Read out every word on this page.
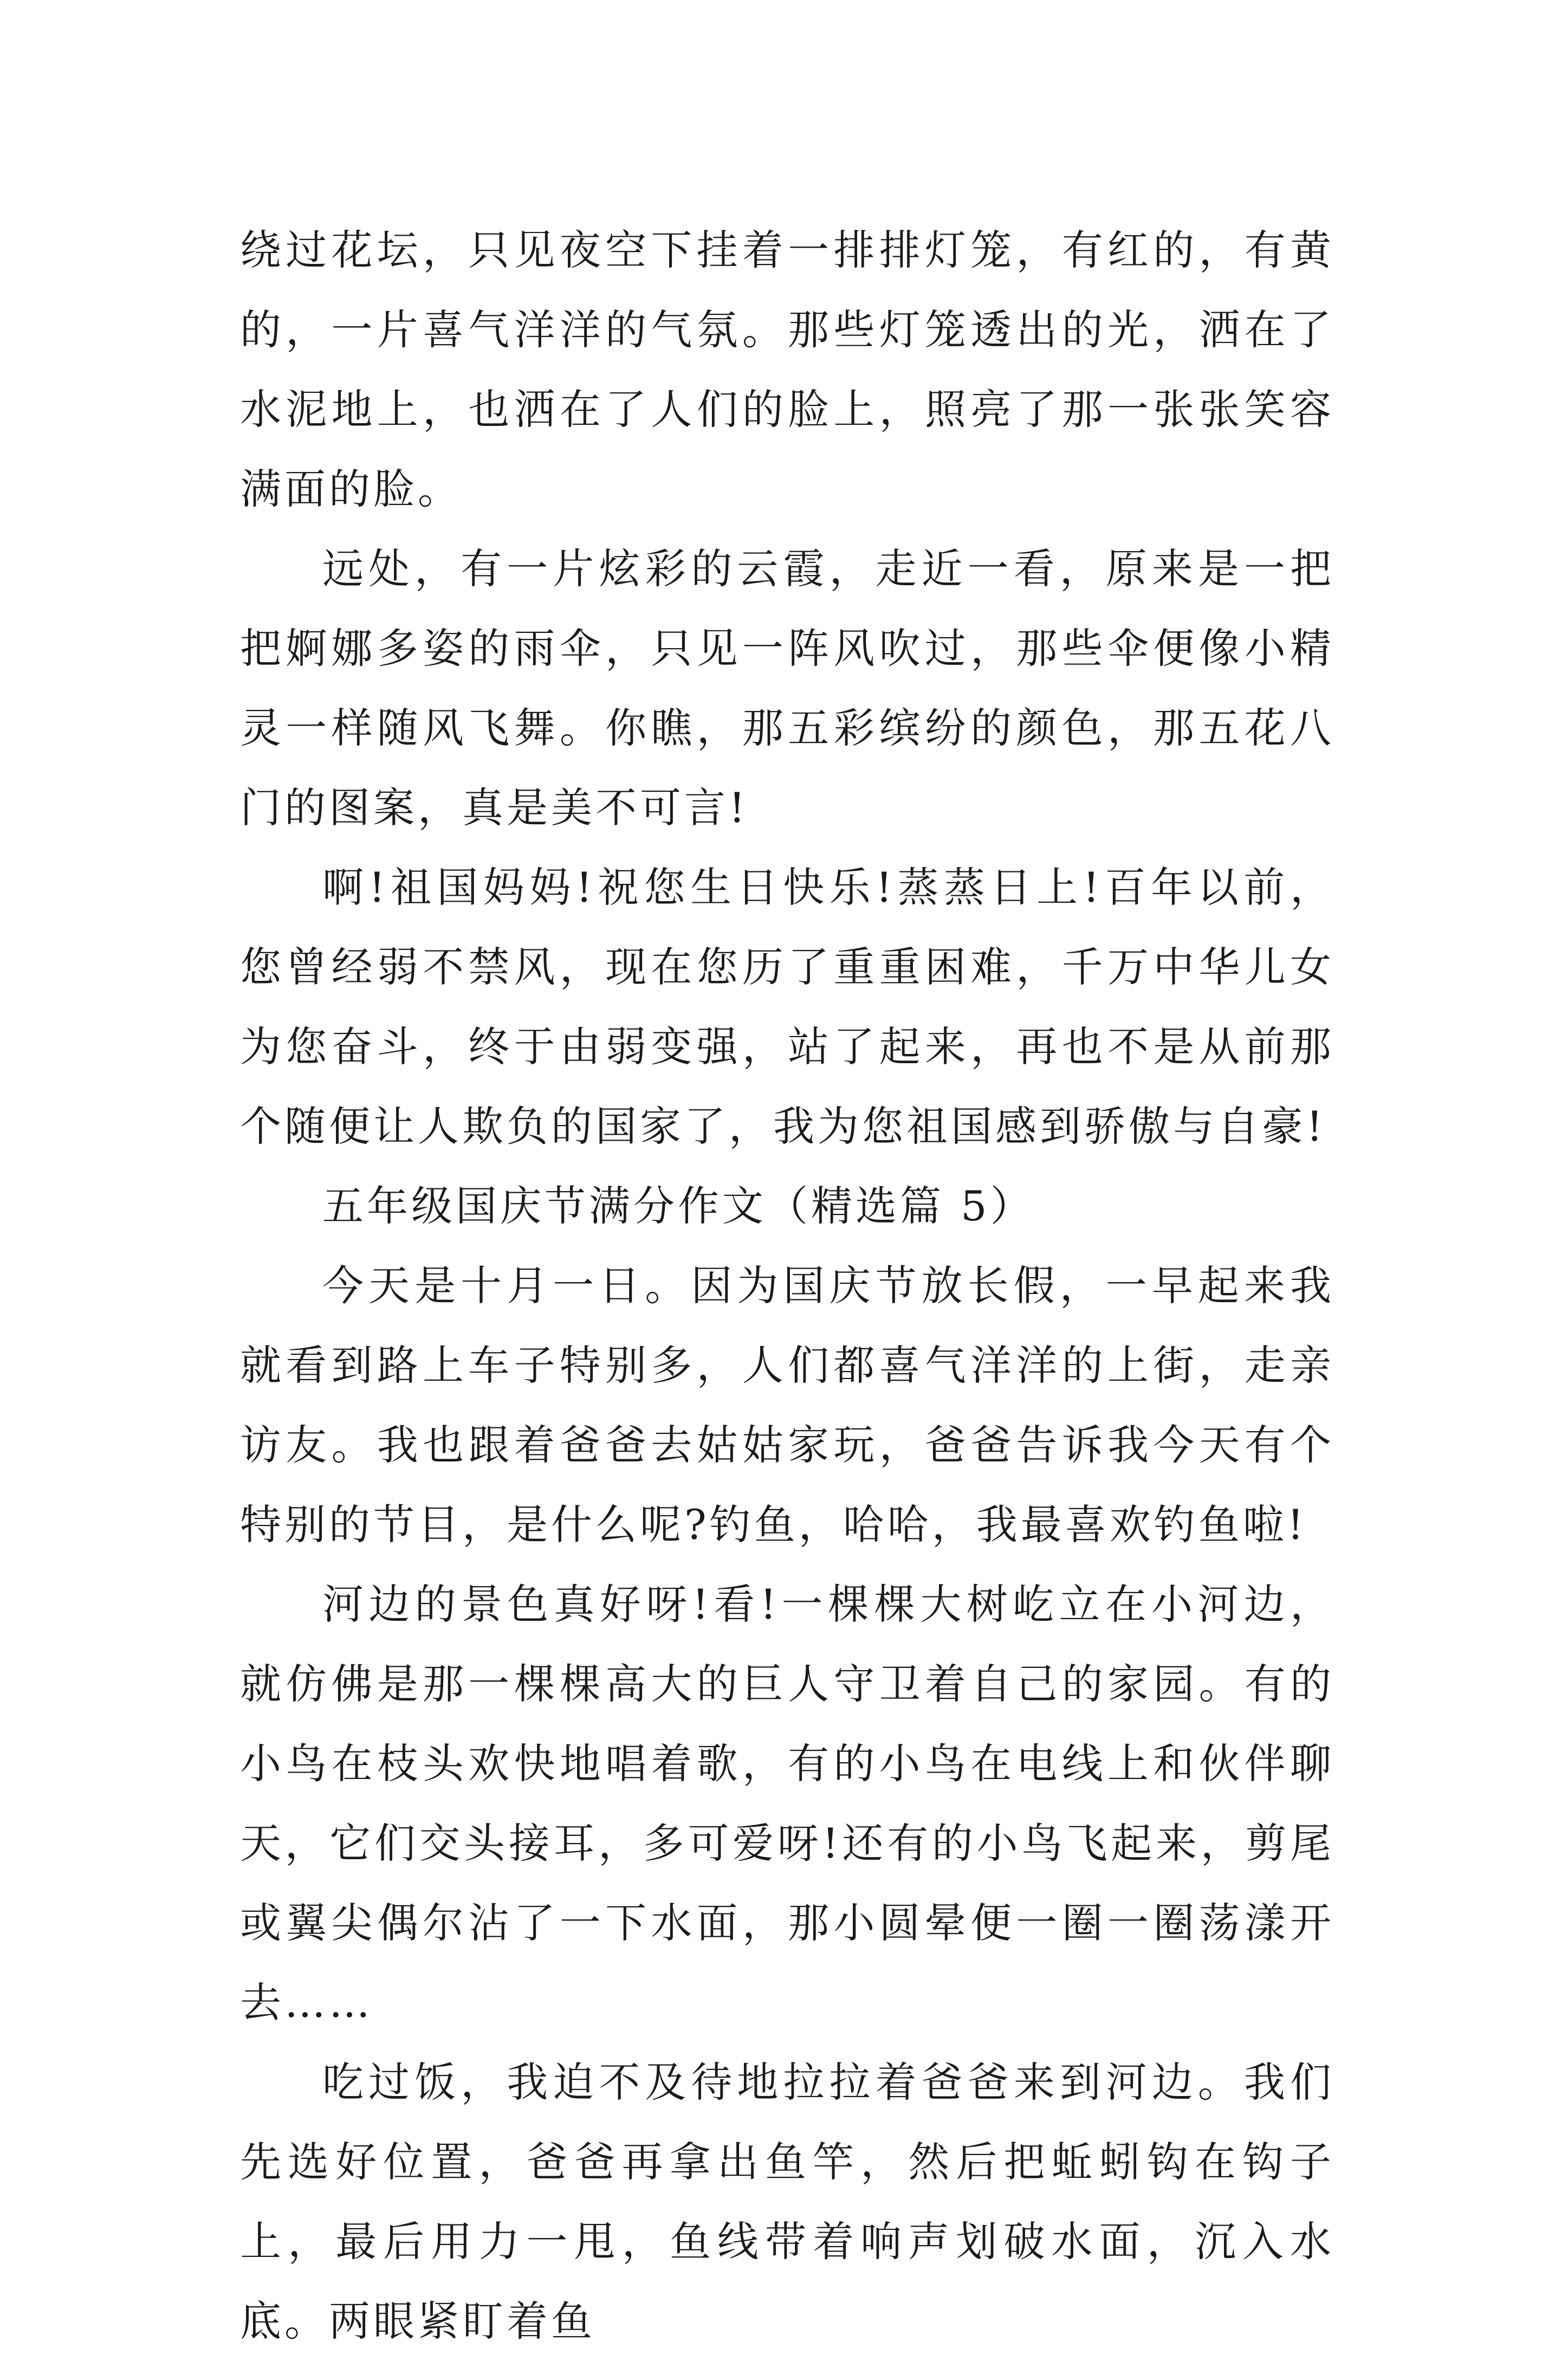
绕过花坛，只见夜空下挂着一排排灯笼，有红的，有黄的，一片喜气洋洋的气氛。那些灯笼透出的光，洒在了水泥地上，也洒在了人们的脸上，照亮了那一张张笑容满面的脸。

远处，有一片炫彩的云霞，走近一看，原来是一把把婀娜多姿的雨伞，只见一阵风吹过，那些伞便像小精灵一样随风飞舞。你瞧，那五彩缤纷的颜色，那五花八门的图案，真是美不可言!

啊!祖国妈妈!祝您生日快乐!蒸蒸日上!百年以前，您曾经弱不禁风，现在您历了重重困难，千万中华儿女为您奋斗，终于由弱变强，站了起来，再也不是从前那个随便让人欺负的国家了，我为您祖国感到骄傲与自豪!

五年级国庆节满分作文（精选篇 5）

今天是十月一日。因为国庆节放长假，一早起来我就看到路上车子特别多，人们都喜气洋洋的上街，走亲访友。我也跟着爸爸去姑姑家玩，爸爸告诉我今天有个特别的节目，是什么呢?钓鱼，哈哈，我最喜欢钓鱼啦!

河边的景色真好呀!看!一棵棵大树屹立在小河边，就仿佛是那一棵棵高大的巨人守卫着自己的家园。有的小鸟在枝头欢快地唱着歌，有的小鸟在电线上和伙伴聊天，它们交头接耳，多可爱呀!还有的小鸟飞起来，剪尾或翼尖偶尔沾了一下水面，那小圆晕便一圈一圈荡漾开去……

吃过饭，我迫不及待地拉拉着爸爸来到河边。我们先选好位置，爸爸再拿出鱼竿，然后把蚯蚓钩在钩子上，最后用力一甩，鱼线带着响声划破水面，沉入水底。两眼紧盯着鱼
